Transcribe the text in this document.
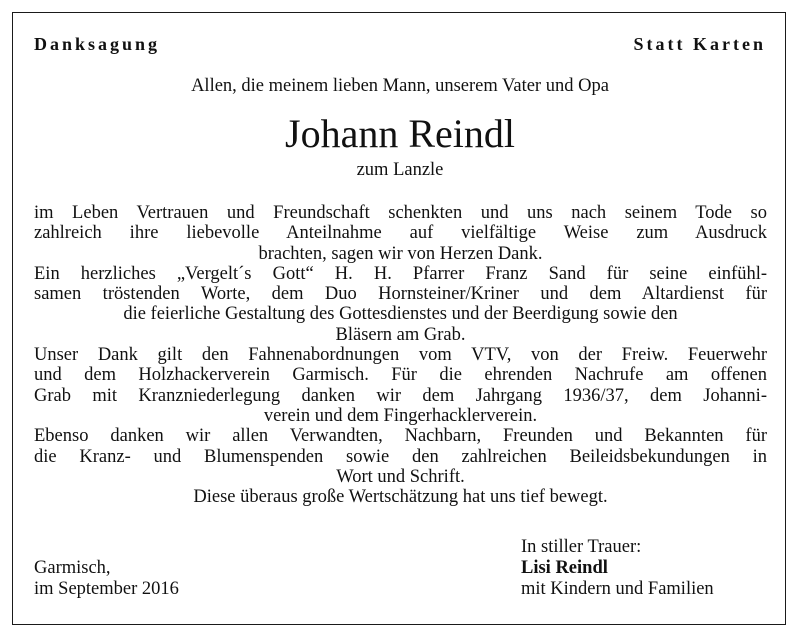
Danksagung	Statt Karten
Allen, die meinem lieben Mann, unserem Vater und Opa
Johann Reindl
zum Lanzle
im Leben Vertrauen und Freundschaft schenkten und uns nach seinem Tode so
zahlreich ihre liebevolle Anteilnahme auf vielfältige Weise zum Ausdruck
brachten, sagen wir von Herzen Dank.
Ein herzliches „Vergelt´s Gott“ H. H. Pfarrer Franz Sand für seine einfühl-
samen tröstenden Worte, dem Duo Hornsteiner/Kriner und dem Altardienst für
die feierliche Gestaltung des Gottesdienstes und der Beerdigung sowie den
Bläsern am Grab.
Unser Dank gilt den Fahnenabordnungen vom VTV, von der Freiw. Feuerwehr
und dem Holzhackerverein Garmisch. Für die ehrenden Nachrufe am offenen
Grab mit Kranzniederlegung danken wir dem Jahrgang 1936/37, dem Johanni-
verein und dem Fingerhacklerverein.
Ebenso danken wir allen Verwandten, Nachbarn, Freunden und Bekannten für
die Kranz- und Blumenspenden sowie den zahlreichen Beileidsbekundungen in
Wort und Schrift.
Diese überaus große Wertschätzung hat uns tief bewegt.
Garmisch,
im September 2016
In stiller Trauer:
Lisi Reindl
mit Kindern und Familien
